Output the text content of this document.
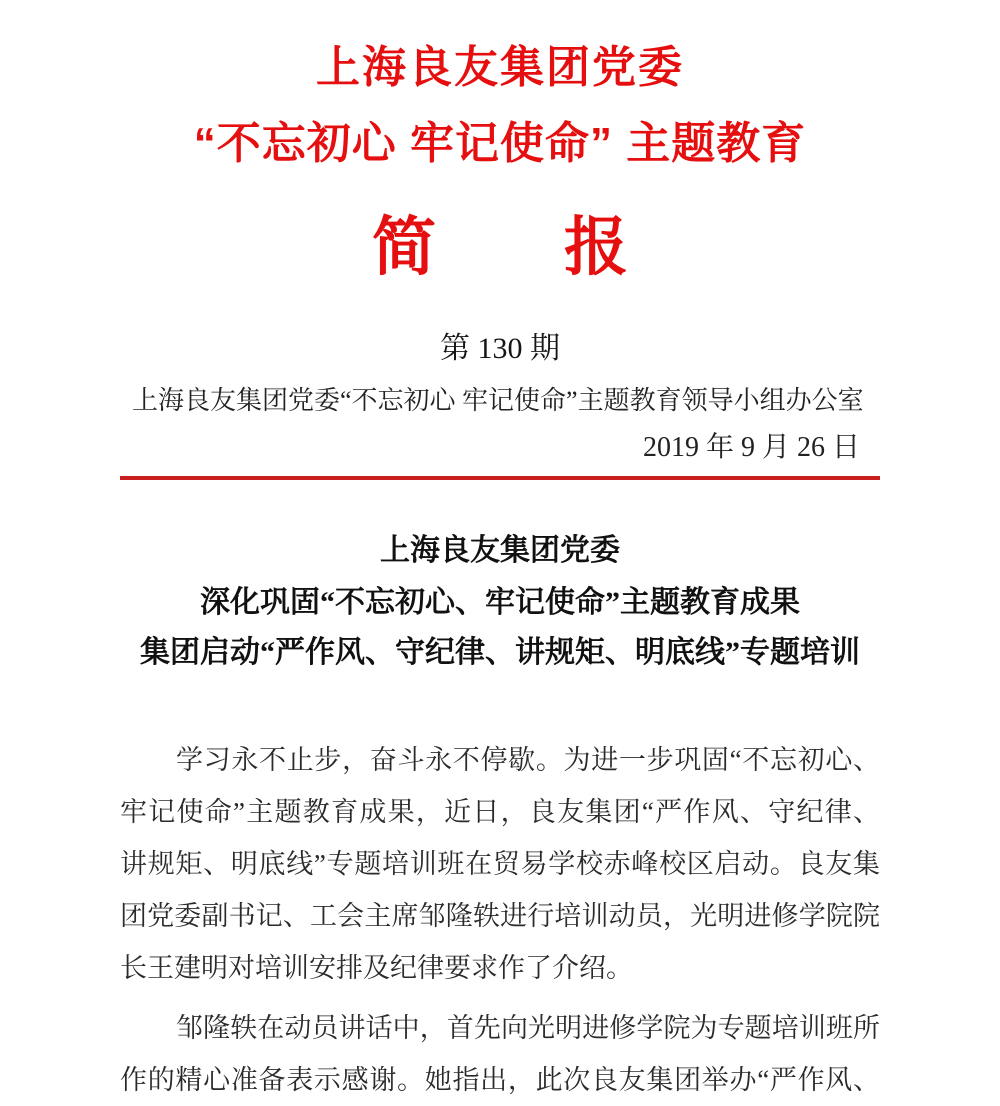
上海良友集团党委
“不忘初心 牢记使命” 主题教育
简　　报
第 130 期
上海良友集团党委“不忘初心 牢记使命”主题教育领导小组办公室
2019 年 9 月 26 日
上海良友集团党委
深化巩固“不忘初心、牢记使命”主题教育成果
集团启动“严作风、守纪律、讲规矩、明底线”专题培训
学习永不止步，奋斗永不停歇。为进一步巩固“不忘初心、
牢记使命”主题教育成果，近日，良友集团“严作风、守纪律、
讲规矩、明底线”专题培训班在贸易学校赤峰校区启动。良友集
团党委副书记、工会主席邹隆轶进行培训动员，光明进修学院院
长王建明对培训安排及纪律要求作了介绍。
邹隆轶在动员讲话中，首先向光明进修学院为专题培训班所
作的精心准备表示感谢。她指出，此次良友集团举办“严作风、
